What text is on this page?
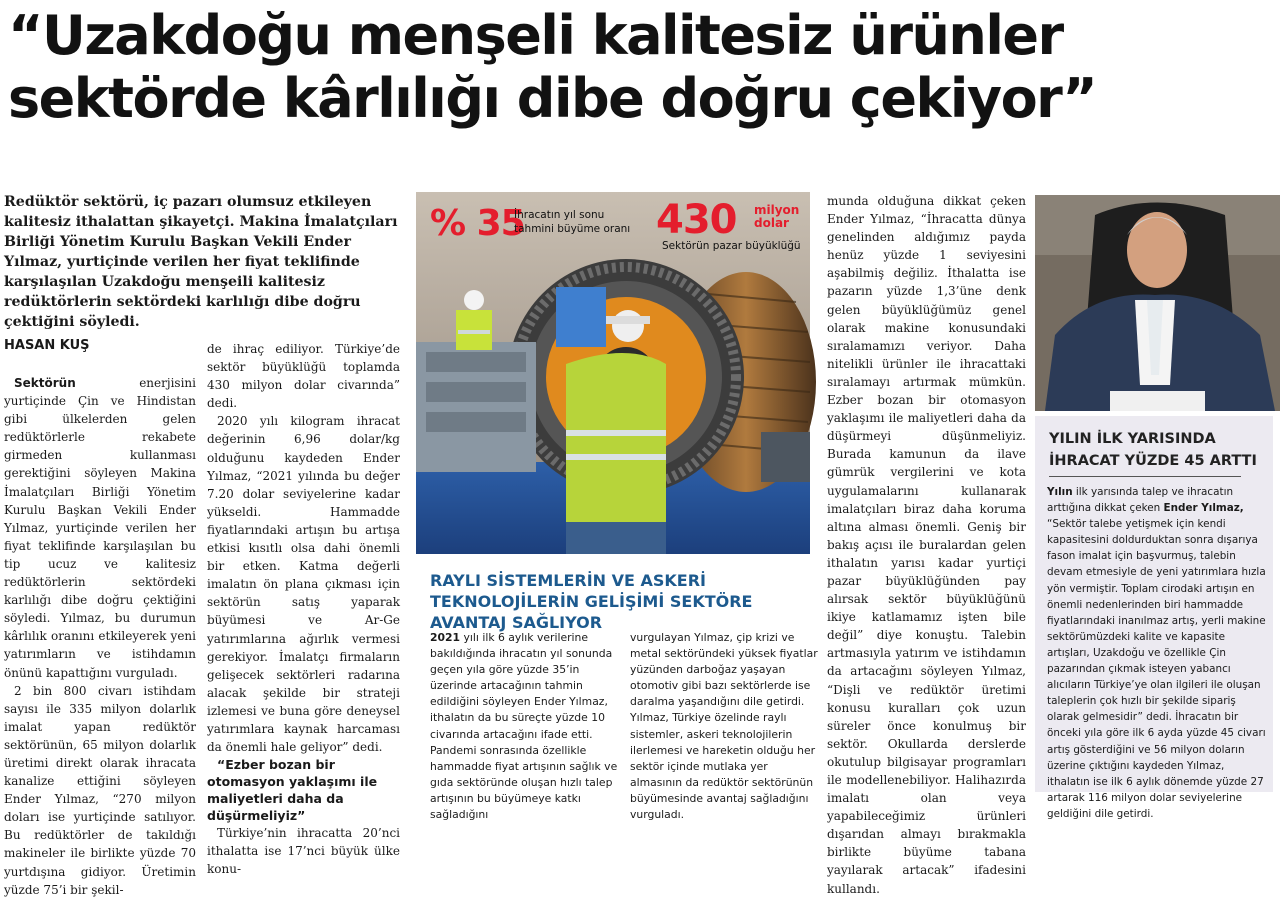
“Uzakdoğu menşeli kalitesiz ürünler
sektörde kârlılığı dibe doğru çekiyor”
Redüktör sektörü, iç pazarı olumsuz etkileyen kalitesiz ithalattan şikayetçi. Makina İmalatçıları Birliği Yönetim Kurulu Başkan Vekili Ender Yılmaz, yurtiçinde verilen her fiyat teklifinde karşılaşılan Uzakdoğu menşeili kalitesiz redüktörlerin sektördeki karlılığı dibe doğru çektiğini söyledi.
HASAN KUŞ

Sektörün enerjisini yurtiçinde Çin ve Hindistan gibi ülkelerden gelen redüktörlerle rekabete girmeden kullanması gerektiğini söyleyen Makina İmalatçıları Birliği Yönetim Kurulu Başkan Vekili Ender Yılmaz, yurtiçinde verilen her fiyat teklifinde karşılaşılan bu tip ucuz ve kalitesiz redüktörlerin sektördeki karlılığı dibe doğru çektiğini söyledi. Yılmaz, bu durumun kârlılık oranını etkileyerek yeni yatırımların ve istihdamın önünü kapattığını vurguladı.

2 bin 800 civarı istihdam sayısı ile 335 milyon dolarlık imalat yapan redüktör sektörünün, 65 milyon dolarlık üretimi direkt olarak ihracata kanalize ettiğini söyleyen Ender Yılmaz, “270 milyon doları ise yurtiçinde satılıyor. Bu redüktörler de takıldığı makineler ile birlikte yüzde 70 yurtdışına gidiyor. Üretimin yüzde 75’i bir şekil-

de ihraç ediliyor. Türkiye’de sektör büyüklüğü toplamda 430 milyon dolar civarında” dedi.

2020 yılı kilogram ihracat değerinin 6,96 dolar/kg olduğunu kaydeden Ender Yılmaz, “2021 yılında bu değer 7.20 dolar seviyelerine kadar yükseldi. Hammadde fiyatlarındaki artışın bu artışa etkisi kısıtlı olsa dahi önemli bir etken. Katma değerli imalatın ön plana çıkması için sektörün satış yaparak büyümesi ve Ar-Ge yatırımlarına ağırlık vermesi gerekiyor. İmalatçı firmaların gelişecek sektörleri radarına alacak şekilde bir strateji izlemesi ve buna göre deneysel yatırımlara kaynak harcaması da önemli hale geliyor” dedi.

“Ezber bozan bir otomasyon yaklaşımı ile maliyetleri daha da düşürmeliyiz”

Türkiye’nin ihracatta 20’nci ithalatta ise 17’nci büyük ülke konu-

% 35
İhracatın yıl sonu tahmini büyüme oranı 430 milyon dolar
Sektörün pazar büyüklüğü
RAYLI SİSTEMLERİN VE ASKERİ TEKNOLOJİLERİN GELİŞİMİ SEKTÖRE AVANTAJ SAĞLIYOR
2021 yılı ilk 6 aylık verilerine bakıldığında ihracatın yıl sonunda geçen yıla göre yüzde 35’in üzerinde artacağının tahmin edildiğini söyleyen Ender Yılmaz, ithalatın da bu süreçte yüzde 10 civarında artacağını ifade etti. Pandemi sonrasında özellikle hammadde fiyat artışının sağlık ve gıda sektöründe oluşan hızlı talep artışının bu büyümeye katkı sağladığını
vurgulayan Yılmaz, çip krizi ve metal sektöründeki yüksek fiyatlar yüzünden darboğaz yaşayan otomotiv gibi bazı sektörlerde ise daralma yaşandığını dile getirdi. Yılmaz, Türkiye özelinde raylı sistemler, askeri teknolojilerin ilerlemesi ve hareketin olduğu her sektör içinde mutlaka yer almasının da redüktör sektörünün büyümesinde avantaj sağladığını vurguladı.

munda olduğuna dikkat çeken Ender Yılmaz, “İhracatta dünya genelinden aldığımız payda henüz yüzde 1 seviyesini aşabilmiş değiliz. İthalatta ise pazarın yüzde 1,3’üne denk gelen büyüklüğümüz genel olarak makine konusundaki sıralamamızı veriyor. Daha nitelikli ürünler ile ihracattaki sıralamayı artırmak mümkün. Ezber bozan bir otomasyon yaklaşımı ile maliyetleri daha da düşürmeyi düşünmeliyiz. Burada kamunun da ilave gümrük vergilerini ve kota uygulamalarını kullanarak imalatçıları biraz daha koruma altına alması önemli. Geniş bir bakış açısı ile buralardan gelen ithalatın yarısı kadar yurtiçi pazar büyüklüğünden pay alırsak sektör büyüklüğünü ikiye katlamamız işten bile değil” diye konuştu. Talebin artmasıyla yatırım ve istihdamın da artacağını söyleyen Yılmaz, “Dişli ve redüktör üretimi konusu kuralları çok uzun süreler önce konulmuş bir sektör. Okullarda derslerde okutulup bilgisayar programları ile modellenebiliyor. Halihazırda imalatı olan veya yapabileceğimiz ürünleri dışarıdan almayı bırakmakla birlikte büyüme tabana yayılarak artacak” ifadesini kullandı.

YILIN İLK YARISINDA
İHRACAT YÜZDE 45 ARTTI
Yılın ilk yarısında talep ve ihracatın arttığına dikkat çeken Ender Yılmaz, “Sektör talebe yetişmek için kendi kapasitesini doldurduktan sonra dışarıya fason imalat için başvurmuş, talebin devam etmesiyle de yeni yatırımlara hızla yön vermiştir. Toplam cirodaki artışın en önemli nedenlerinden biri hammadde fiyatlarındaki inanılmaz artış, yerli makine sektörümüzdeki kalite ve kapasite artışları, Uzakdoğu ve özellikle Çin pazarından çıkmak isteyen yabancı alıcıların Türkiye’ye olan ilgileri ile oluşan taleplerin çok hızlı bir şekilde sipariş olarak gelmesidir” dedi. İhracatın bir önceki yıla göre ilk 6 ayda yüzde 45 civarı artış gösterdiğini ve 56 milyon doların üzerine çıktığını kaydeden Yılmaz, ithalatın ise ilk 6 aylık dönemde yüzde 27 artarak 116 milyon dolar seviyelerine geldiğini dile getirdi.
